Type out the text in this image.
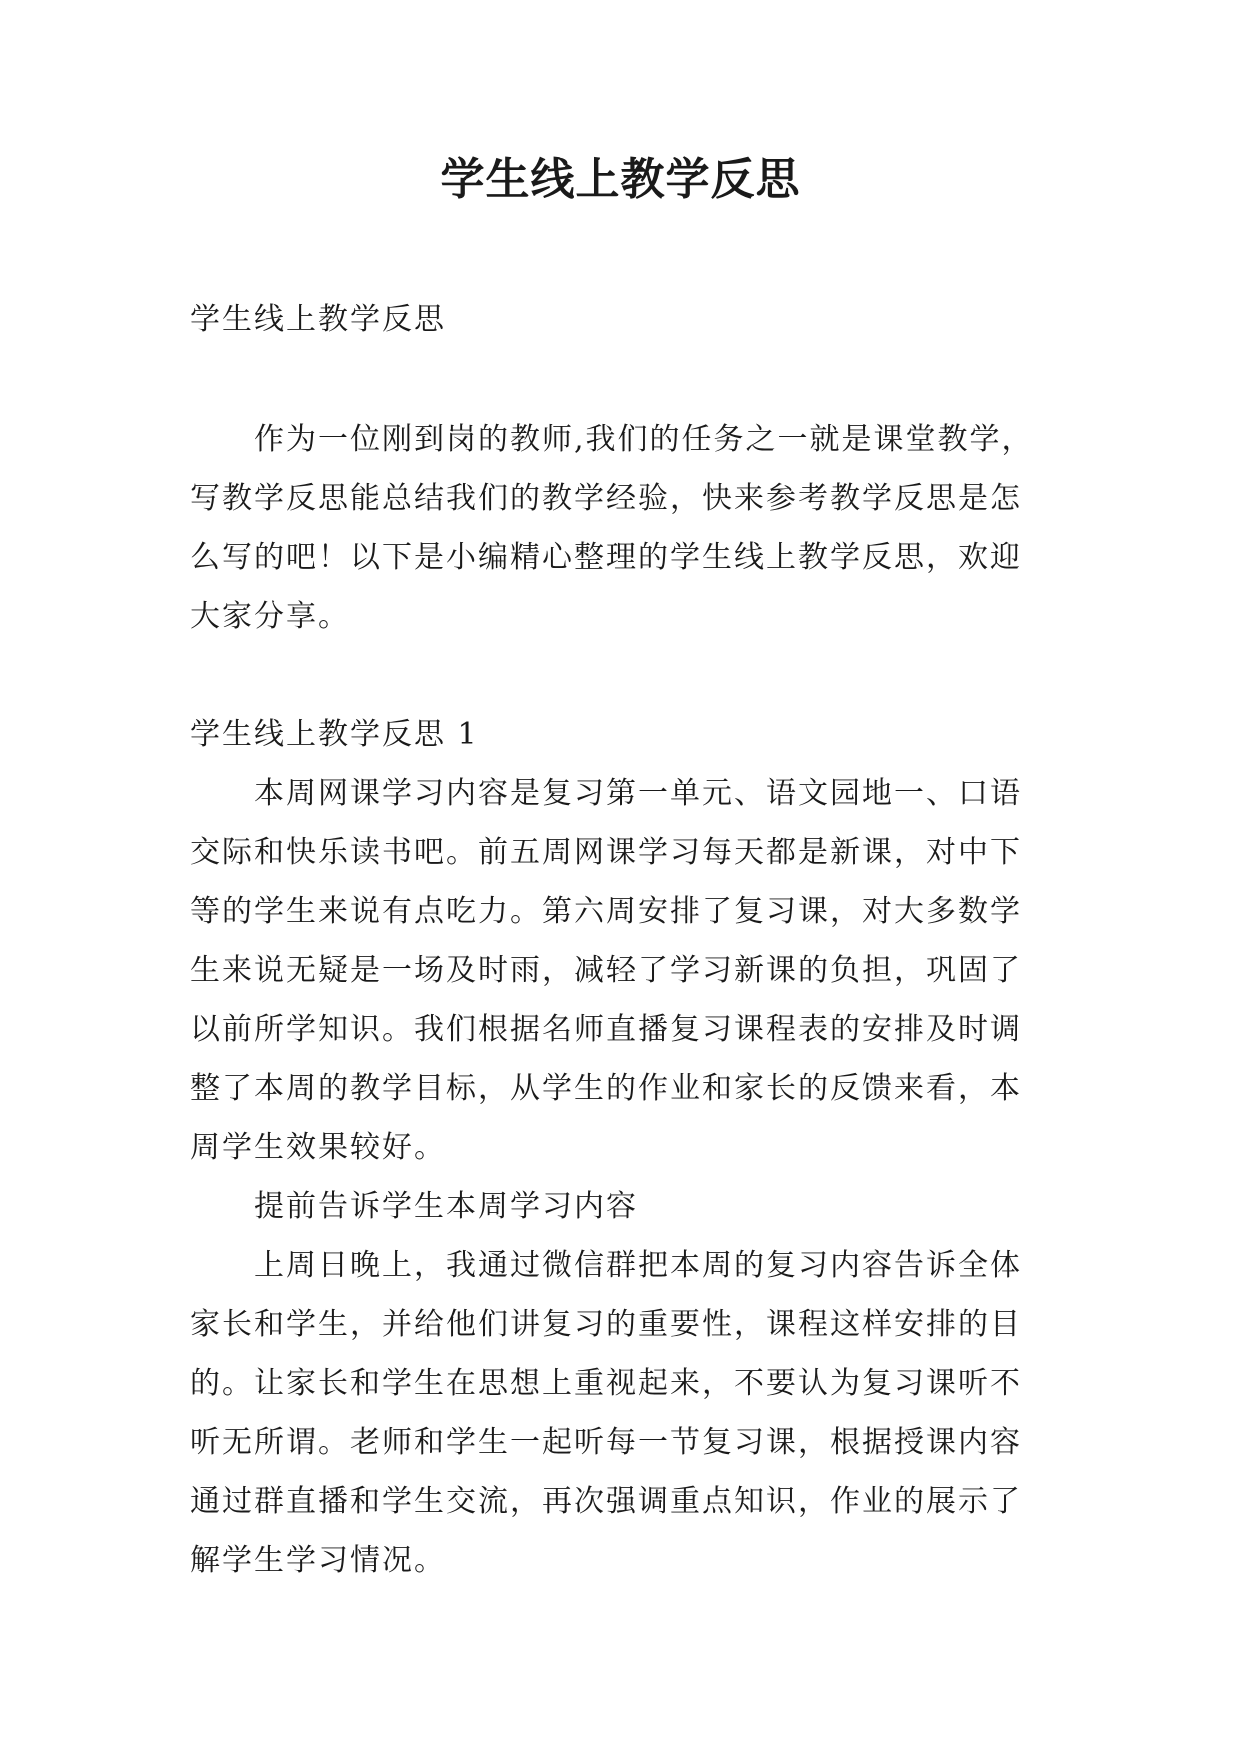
学生线上教学反思
学生线上教学反思
作为一位刚到岗的教师,我们的任务之一就是课堂教学，
写教学反思能总结我们的教学经验，快来参考教学反思是怎
么写的吧！以下是小编精心整理的学生线上教学反思，欢迎
大家分享。
学生线上教学反思 1
本周网课学习内容是复习第一单元、语文园地一、口语
交际和快乐读书吧。前五周网课学习每天都是新课，对中下
等的学生来说有点吃力。第六周安排了复习课，对大多数学
生来说无疑是一场及时雨，减轻了学习新课的负担，巩固了
以前所学知识。我们根据名师直播复习课程表的安排及时调
整了本周的教学目标，从学生的作业和家长的反馈来看，本
周学生效果较好。
提前告诉学生本周学习内容
上周日晚上，我通过微信群把本周的复习内容告诉全体
家长和学生，并给他们讲复习的重要性，课程这样安排的目
的。让家长和学生在思想上重视起来，不要认为复习课听不
听无所谓。老师和学生一起听每一节复习课，根据授课内容
通过群直播和学生交流，再次强调重点知识，作业的展示了
解学生学习情况。
